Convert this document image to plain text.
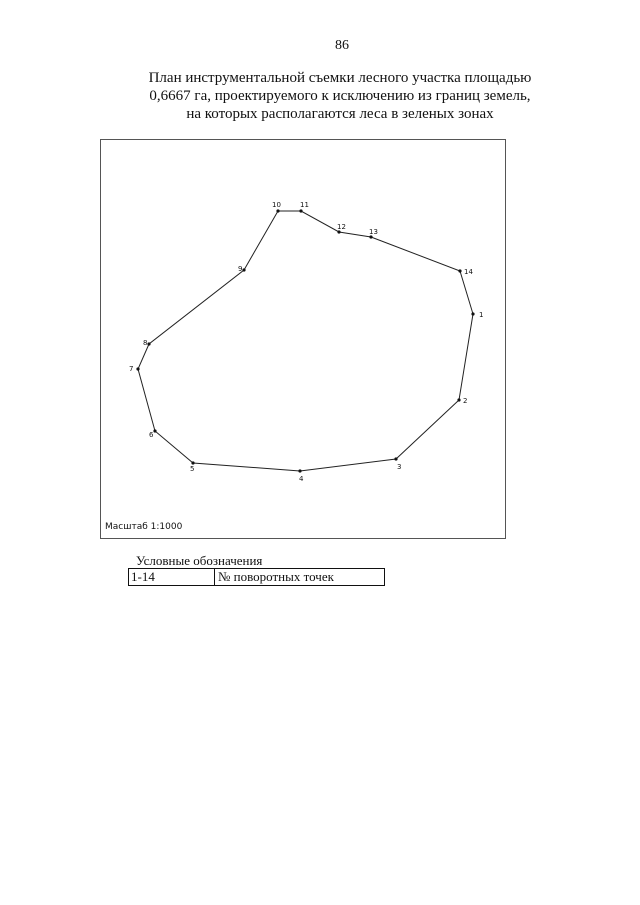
86
План инструментальной съемки лесного участка площадью
0,6667 га, проектируемого к исключению из границ земель,
на которых располагаются леса в зеленых зонах
1
2
3
4
5
6
7
8
9
10	11
12
13
14
Масштаб 1:1000
Условные обозначения
1-14	№ поворотных точек
